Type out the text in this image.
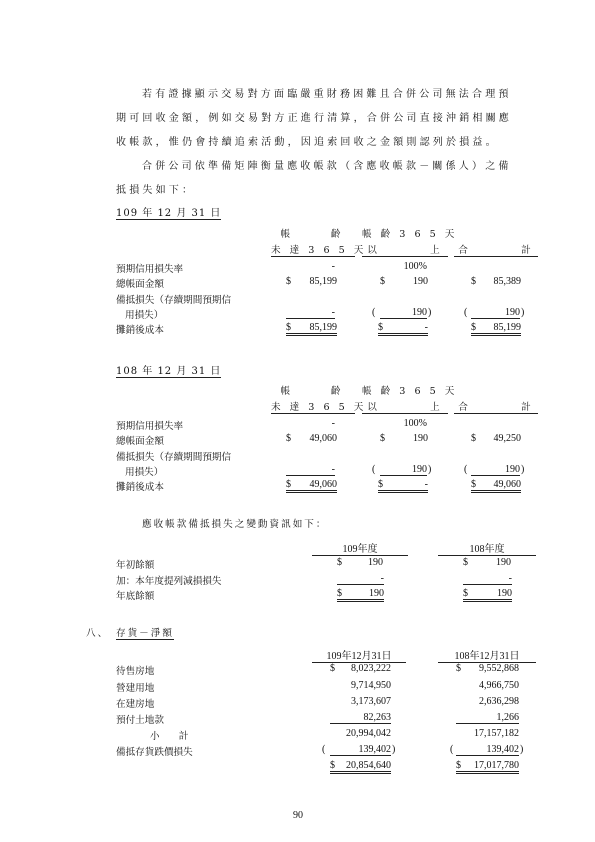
若有證據顯示交易對方面臨嚴重財務困難且合併公司無法合理預
期可回收金額，例如交易對方正進行清算，合併公司直接沖銷相關應
收帳款，惟仍會持續追索活動，因追索回收之金額則認列於損益。
合併公司依準備矩陣衡量應收帳款（含應收帳款－關係人）之備
抵損失如下：
109 年 12 月 31 日
帳　　　齡
未 達 3 6 5 天
帳 齡 3 6 5 天
以　　　　上	合　　　　計
預期信用損失率	-	100%
總帳面金額	$	85,199	$	190	$	85,389
備抵損失（存續期間預期信
用損失）	-	(	190 )	(	190 )
攤銷後成本	$ 85,199	$	-	$ 85,199
108 年 12 月 31 日
帳　　　齡
未 達 3 6 5 天
帳 齡 3 6 5 天
以　　　　上	合　　　　計
預期信用損失率	-	100%
總帳面金額	$	49,060	$	190	$	49,250
備抵損失（存續期間預期信
用損失）	-	(	190 )	(	190 )
攤銷後成本	$ 49,060	$	-	$ 49,060
應收帳款備抵損失之變動資訊如下：
109年度	108年度
年初餘額	$	190	$	190
加：本年度提列減損損失	-	-
年底餘額	$	190	$	190
八、 存貨－淨額
109年12月31日	108年12月31日
待售房地	$	8,023,222	$	9,552,868
營建用地	9,714,950	4,966,750
在建房地	3,173,607	2,636,298
預付土地款	82,263	1,266
小　　計	20,994,042	17,157,182
備抵存貨跌價損失	(	139,402 )	(	139,402 )
$ 20,854,640	$ 17,017,780
90
